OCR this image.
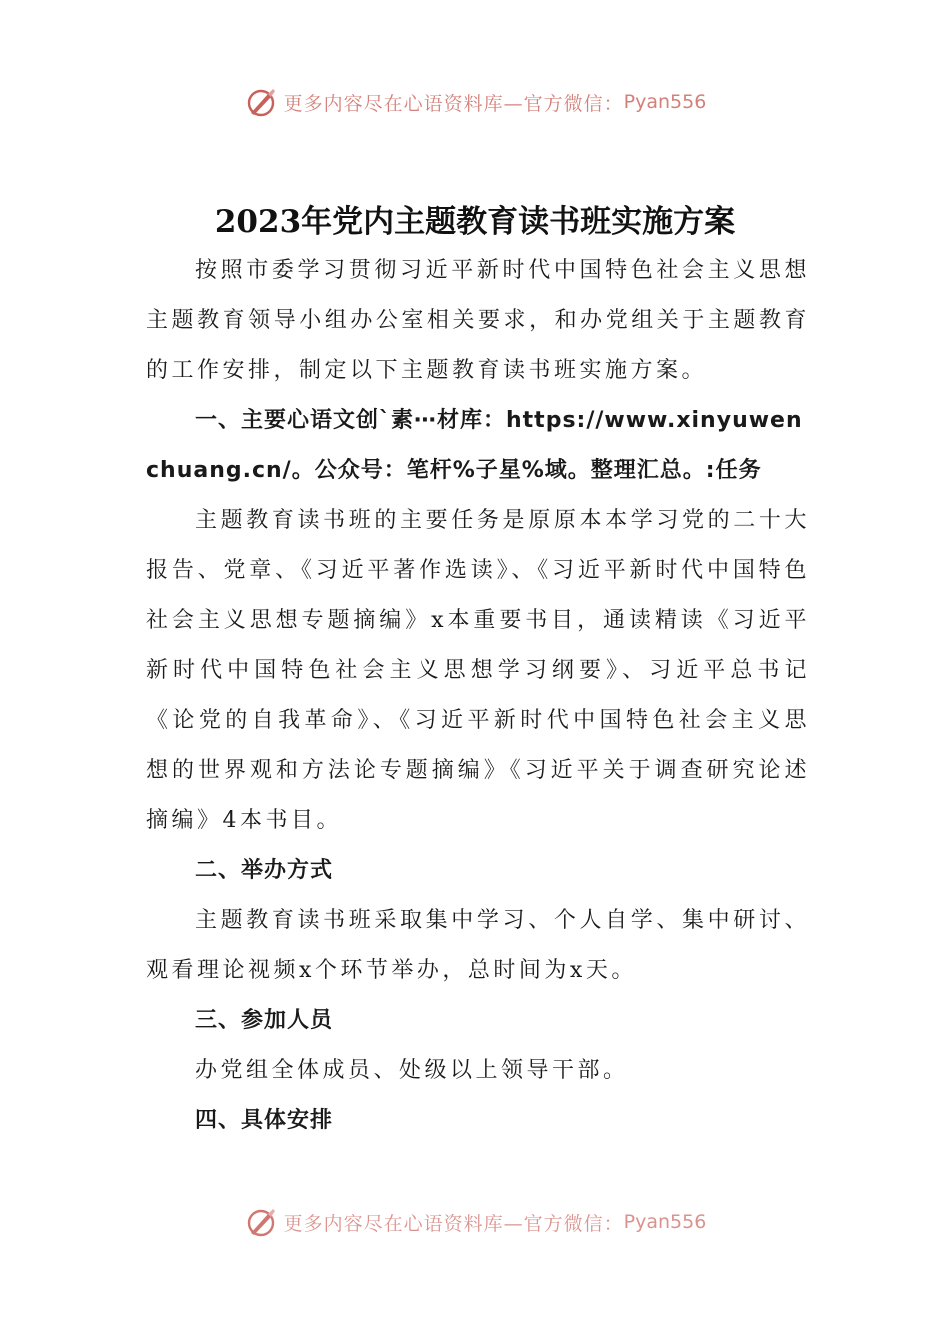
更多内容尽在心语资料库—官方微信： Pyan556
2023年党内主题教育读书班实施方案

按照市委学习贯彻习近平新时代中国特色社会主义思想主题教育领导小组办公室相关要求，和办党组关于主题教育的工作安排，制定以下主题教育读书班实施方案。

一、主要心语文创`素⋯材库：https://www.xinyuwenchuang.cn/。公众号：笔杆%子星%域。整理汇总。:任务

主题教育读书班的主要任务是原原本本学习党的二十大报告、党章、《习近平著作选读》、《习近平新时代中国特色社会主义思想专题摘编》x本重要书目，通读精读《习近平新时代中国特色社会主义思想学习纲要》、习近平总书记《论党的自我革命》、《习近平新时代中国特色社会主义思想的世界观和方法论专题摘编》《习近平关于调查研究论述摘编》4本书目。

二、举办方式

主题教育读书班采取集中学习、个人自学、集中研讨、观看理论视频x个环节举办，总时间为x天。

三、参加人员

办党组全体成员、处级以上领导干部。

四、具体安排

更多内容尽在心语资料库—官方微信： Pyan556
